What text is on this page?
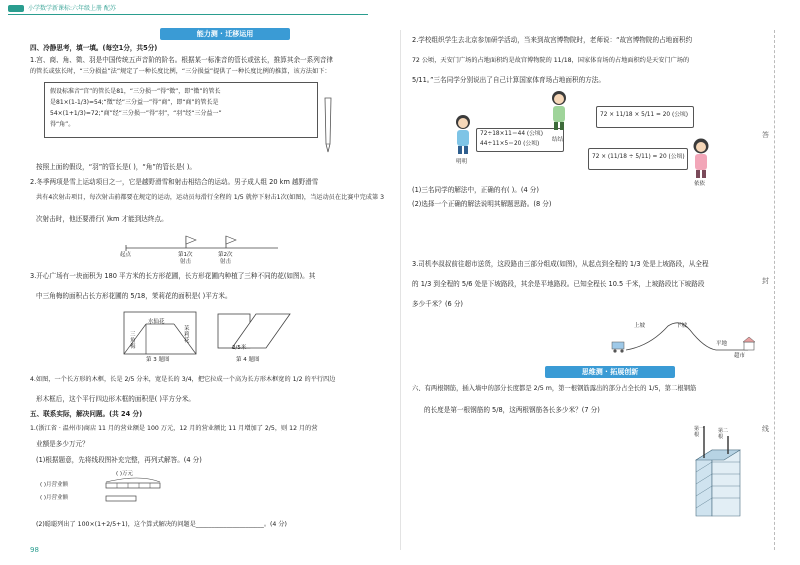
小学数学新课标:六年级上册 配苏
能力测 · 迁移运用
四、冷静思考，填一填。(每空1分，共5分)
1.宫、商、角、徵、羽是中国传统五声音阶的阶名。根据某一标准音的管长或弦长，推算其余一系列音律
的管长或弦长时，“三分损益”法”规定了一种长度比例，“三分损益”提供了一种长度比例的推算，该方法如下：
假设标准音“宫”的管长是81，“三分损一”得“徵”，即“徵”的管长
是81×(1-1/3)=54;“徵”经“三分益一”得“商”，即“商”的管长是
54×(1+1/3)=72;“商”经“三分损一”得“羽”，“羽”经“三分益一”
得“角”。
按照上面的假设，“羽”的管长是( )，“角”的管长是( )。
2.冬季两项是雪上运动项目之一，它是越野滑雪和射击相结合的运动。男子成人组 20 km 越野滑雪
共有4次射击项目，每次射击前都要在规定的运动，运动员每滑行全程的 1/5 就停下射击1次(如图)，当运动员在比赛中完成第 3
次射击时，他还要滑行( )km 才能到达终点。
起点	第1次
射击
第2次
射击
3.开心广场有一块面积为 180 平方米的长方形花圃，长方形花圃内种植了三种不同的花(如图)。其
中三角梅的面积占长方形花圃的 5/18，茉莉花的面积是( )平方米。
水仙花
三角梅
茉莉花
第 3 题图
2/5米
第 4 题图
4.如图，一个长方形的木框，长是 2/5 分米，宽是长的 3/4，把它拉成一个高为长方形木框宽的 1/2 的平行四边
形木框后，这个平行四边形木框的面积是( )平方分米。
五、联系实际，解决问题。(共 24 分)
1.(浙江省 · 温州市)商店 11 月的营业额是 100 万元，12 月的营业额比 11 月增加了 2/5，则 12 月的营
业额是多少万元？
(1)根据题意，先将线段图补充完整，再列式解答。(4 分)
( )万元
( )月营业额
( )月营业额
(2)聪聪列出了 100×(1+2/5+1)，这个算式解决的问题是______________________。(4 分)
98
2.学校组织学生去北京参加研学活动，当来到故宫博物院时，老师说：“故宫博物院的占地面积约
72 公顷，天安门广场的占地面积约是故宫博物院的 11/18，国家体育场的占地面积约是天安门广场的
5/11。”三名同学分别说出了自己计算国家体育场占地面积的方法。
明明
72÷18×11＝44 (公顷)
44÷11×5＝20 (公顷)
结结
72 × 11/18 × 5/11 = 20 (公顷)
72 × (11/18 ÷ 5/11) = 20 (公顷)
依依
(1)三名同学的解法中，正确的有( )。(4 分)
(2)选择一个正确的解法说明其解题思路。(8 分)
3.司机李叔叔前往超市送货，这段路由三部分组成(如图)，从起点到全程的 1/3 处是上坡路段，从全程
的 1/3 到全程的 5/6 处是下坡路段，其余是平地路段。已知全程长 10.5 千米，上坡路段比下坡路段
多少千米？(6 分)
上坡	下坡
平地
超市
思维测 · 拓展创新
六、有两根钢筋，插入墙中的部分长度都是 2/5 m，第一根钢筋露出的部分占全长的 1/5，第二根钢筋
的长度是第一根钢筋的 5/8，这两根钢筋各长多少米？(7 分)
第一根
第二根
答
封
线
